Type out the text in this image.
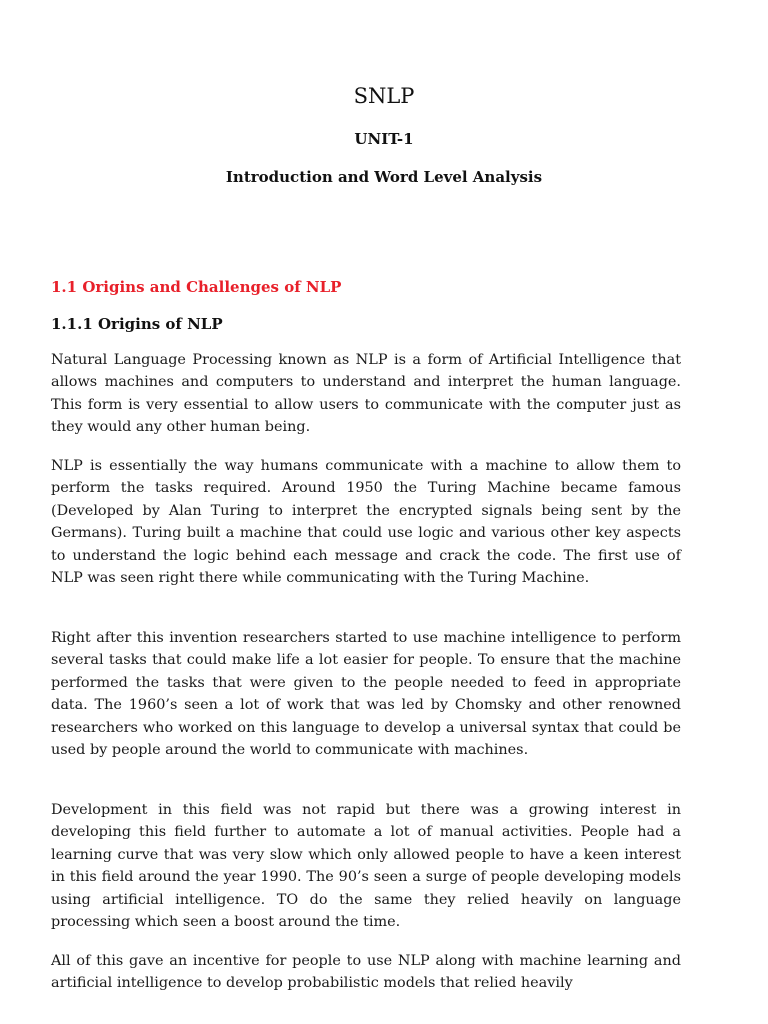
SNLP
UNIT-1
Introduction and Word Level Analysis
1.1 Origins and Challenges of NLP
1.1.1 Origins of NLP

Natural Language Processing known as NLP is a form of Artificial Intelligence that allows machines and computers to understand and interpret the human language. This form is very essential to allow users to communicate with the computer just as they would any other human being.

NLP is essentially the way humans communicate with a machine to allow them to perform the tasks required. Around 1950 the Turing Machine became famous (Developed by Alan Turing to interpret the encrypted signals being sent by the Germans). Turing built a machine that could use logic and various other key aspects to understand the logic behind each message and crack the code. The first use of NLP was seen right there while communicating with the Turing Machine.

Right after this invention researchers started to use machine intelligence to perform several tasks that could make life a lot easier for people. To ensure that the machine performed the tasks that were given to the people needed to feed in appropriate data. The 1960’s seen a lot of work that was led by Chomsky and other renowned researchers who worked on this language to develop a universal syntax that could be used by people around the world to communicate with machines.

Development in this field was not rapid but there was a growing interest in developing this field further to automate a lot of manual activities. People had a learning curve that was very slow which only allowed people to have a keen interest in this field around the year 1990. The 90’s seen a surge of people developing models using artificial intelligence. TO do the same they relied heavily on language processing which seen a boost around the time.

All of this gave an incentive for people to use NLP along with machine learning and artificial intelligence to develop probabilistic models that relied heavily
